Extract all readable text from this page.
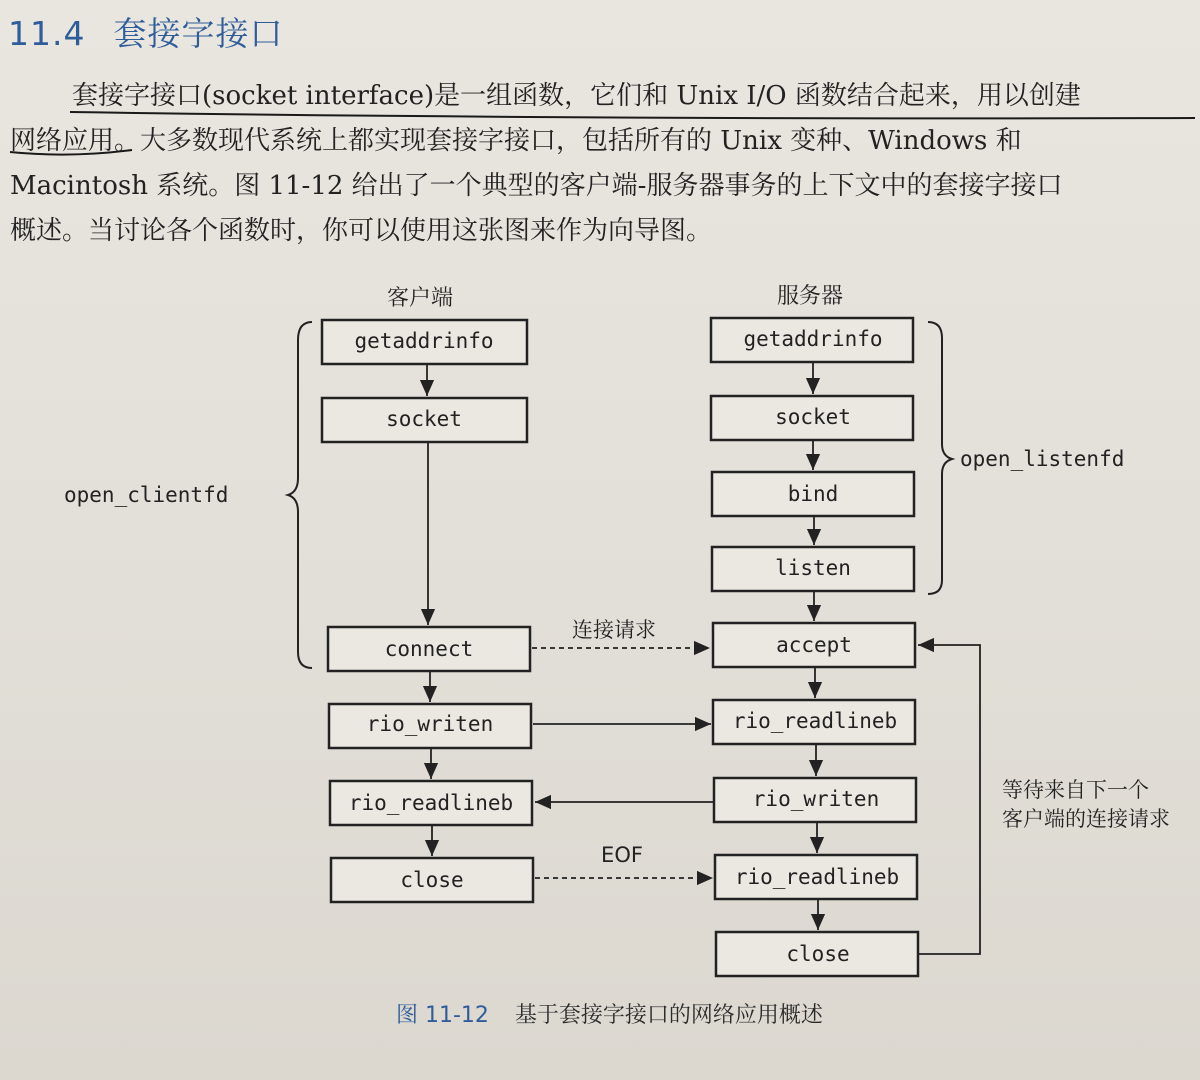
11.4 套接字接口

套接字接口(socket interface)是一组函数，它们和 Unix I/O 函数结合起来，用以创建

网络应用。大多数现代系统上都实现套接字接口，包括所有的 Unix 变种、Windows 和

Macintosh 系统。图 11-12 给出了一个典型的客户端-服务器事务的上下文中的套接字接口

概述。当讨论各个函数时，你可以使用这张图来作为向导图。

客户端	服务器
getaddrinfo
socket
connect
rio_writen
rio_readlineb
close
getaddrinfo
socket
bind
listen
accept
rio_readlineb
rio_writen
rio_readlineb
close
连接请求
EOF
等待来自下一个
客户端的连接请求
open_clientfd
open_listenfd
图 11-12 基于套接字接口的网络应用概述
